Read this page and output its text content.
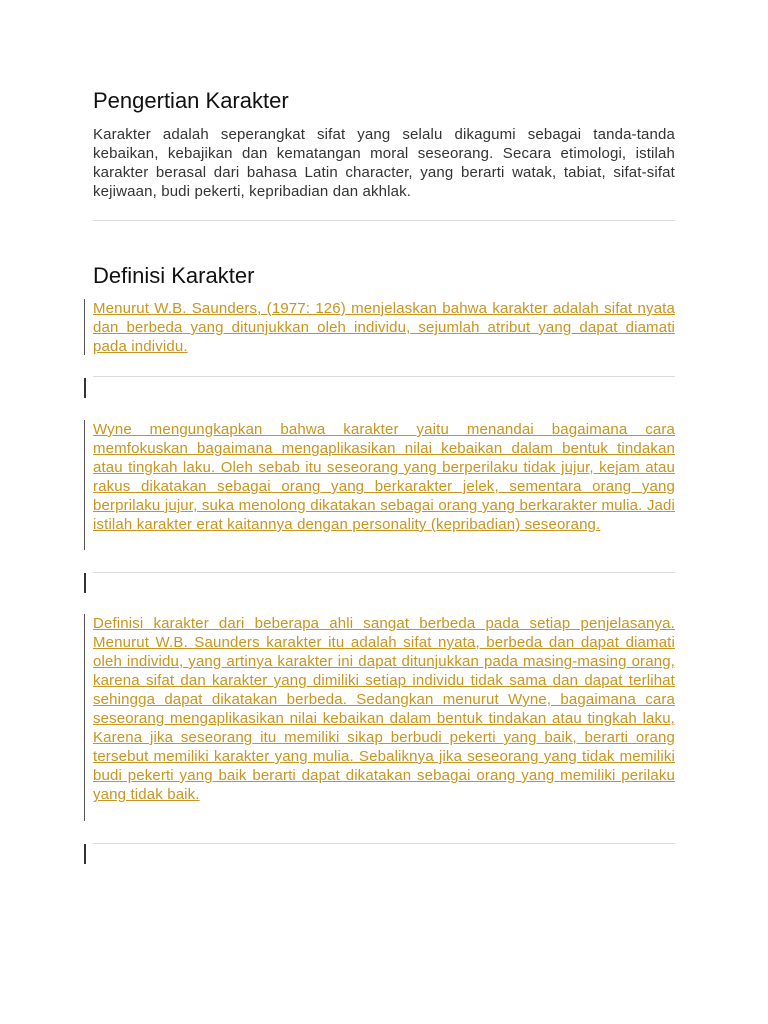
Pengertian Karakter

Karakter adalah seperangkat sifat yang selalu dikagumi sebagai tanda-tanda kebaikan, kebajikan dan kematangan moral seseorang. Secara etimologi, istilah karakter berasal dari bahasa Latin character, yang berarti watak, tabiat, sifat-sifat kejiwaan, budi pekerti, kepribadian dan akhlak.

Definisi Karakter

Menurut W.B. Saunders, (1977: 126) menjelaskan bahwa karakter adalah sifat nyata dan berbeda yang ditunjukkan oleh individu, sejumlah atribut yang dapat diamati pada individu.

Wyne mengungkapkan bahwa karakter yaitu menandai bagaimana cara memfokuskan bagaimana mengaplikasikan nilai kebaikan dalam bentuk tindakan atau tingkah laku. Oleh sebab itu seseorang yang berperilaku tidak jujur, kejam atau rakus dikatakan sebagai orang yang berkarakter jelek, sementara orang yang berprilaku jujur, suka menolong dikatakan sebagai orang yang berkarakter mulia. Jadi istilah karakter erat kaitannya dengan personality (kepribadian) seseorang.

Definisi karakter dari beberapa ahli sangat berbeda pada setiap penjelasanya. Menurut W.B. Saunders karakter itu adalah sifat nyata, berbeda dan dapat diamati oleh individu, yang artinya karakter ini dapat ditunjukkan pada masing-masing orang, karena sifat dan karakter yang dimiliki setiap individu tidak sama dan dapat terlihat sehingga dapat dikatakan berbeda. Sedangkan menurut Wyne, bagaimana cara seseorang mengaplikasikan nilai kebaikan dalam bentuk tindakan atau tingkah laku, Karena jika seseorang itu memiliki sikap berbudi pekerti yang baik, berarti orang tersebut memiliki karakter yang mulia. Sebaliknya jika seseorang yang tidak memiliki budi pekerti yang baik berarti dapat dikatakan sebagai orang yang memiliki perilaku yang tidak baik.
